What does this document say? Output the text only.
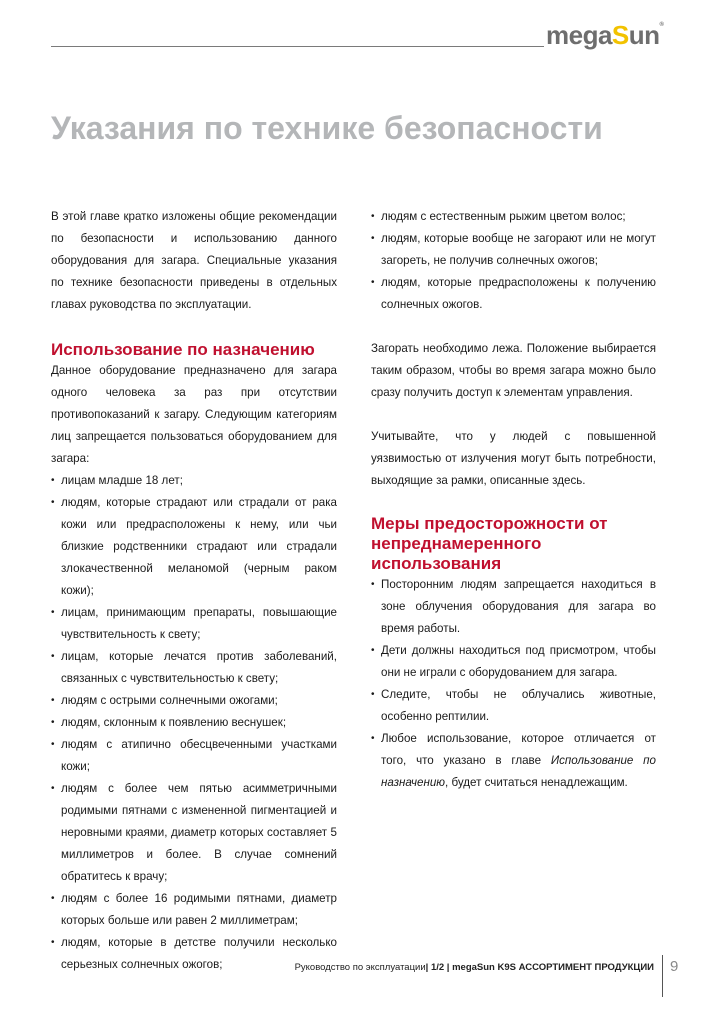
megaSun®
Указания по технике безопасности

В этой главе кратко изложены общие рекомендации по безопасности и использованию данного оборудования для загара. Специальные указания по технике безопасности приведены в отдельных главах руководства по эксплуатации.

Использование по назначению

Данное оборудование предназначено для загара одного человека за раз при отсутствии противопоказаний к загару. Следующим категориям лиц запрещается пользоваться оборудованием для загара:

• лицам младше 18 лет;
• людям, которые страдают или страдали от рака кожи или предрасположены к нему, или чьи близкие родственники страдают или страдали злокачественной меланомой (черным раком кожи);
• лицам, принимающим препараты, повышающие чувствительность к свету;
• лицам, которые лечатся против заболеваний, связанных с чувствительностью к свету;
• людям с острыми солнечными ожогами;
• людям, склонным к появлению веснушек;
• людям с атипично обесцвеченными участками кожи;
• людям с более чем пятью асимметричными родимыми пятнами с измененной пигментацией и неровными краями, диаметр которых составляет 5 миллиметров и более. В случае сомнений обратитесь к врачу;
• людям с более 16 родимыми пятнами, диаметр которых больше или равен 2 миллиметрам;
• людям, которые в детстве получили несколько серьезных солнечных ожогов;
• людям с естественным рыжим цветом волос;
• людям, которые вообще не загорают или не могут загореть, не получив солнечных ожогов;
• людям, которые предрасположены к получению солнечных ожогов.

Загорать необходимо лежа. Положение выбирается таким образом, чтобы во время загара можно было сразу получить доступ к элементам управления.

Учитывайте, что у людей с повышенной уязвимостью от излучения могут быть потребности, выходящие за рамки, описанные здесь.

Меры предосторожности от непреднамеренного использования
• Посторонним людям запрещается находиться в зоне облучения оборудования для загара во время работы.
• Дети должны находиться под присмотром, чтобы они не играли с оборудованием для загара.
• Следите, чтобы не облучались животные, особенно рептилии.
• Любое использование, которое отличается от того, что указано в главе Использование по назначению, будет считаться ненадлежащим.
Руководство по эксплуатации| 1/2 | megaSun K9S АССОРТИМЕНТ ПРОДУКЦИИ 9
